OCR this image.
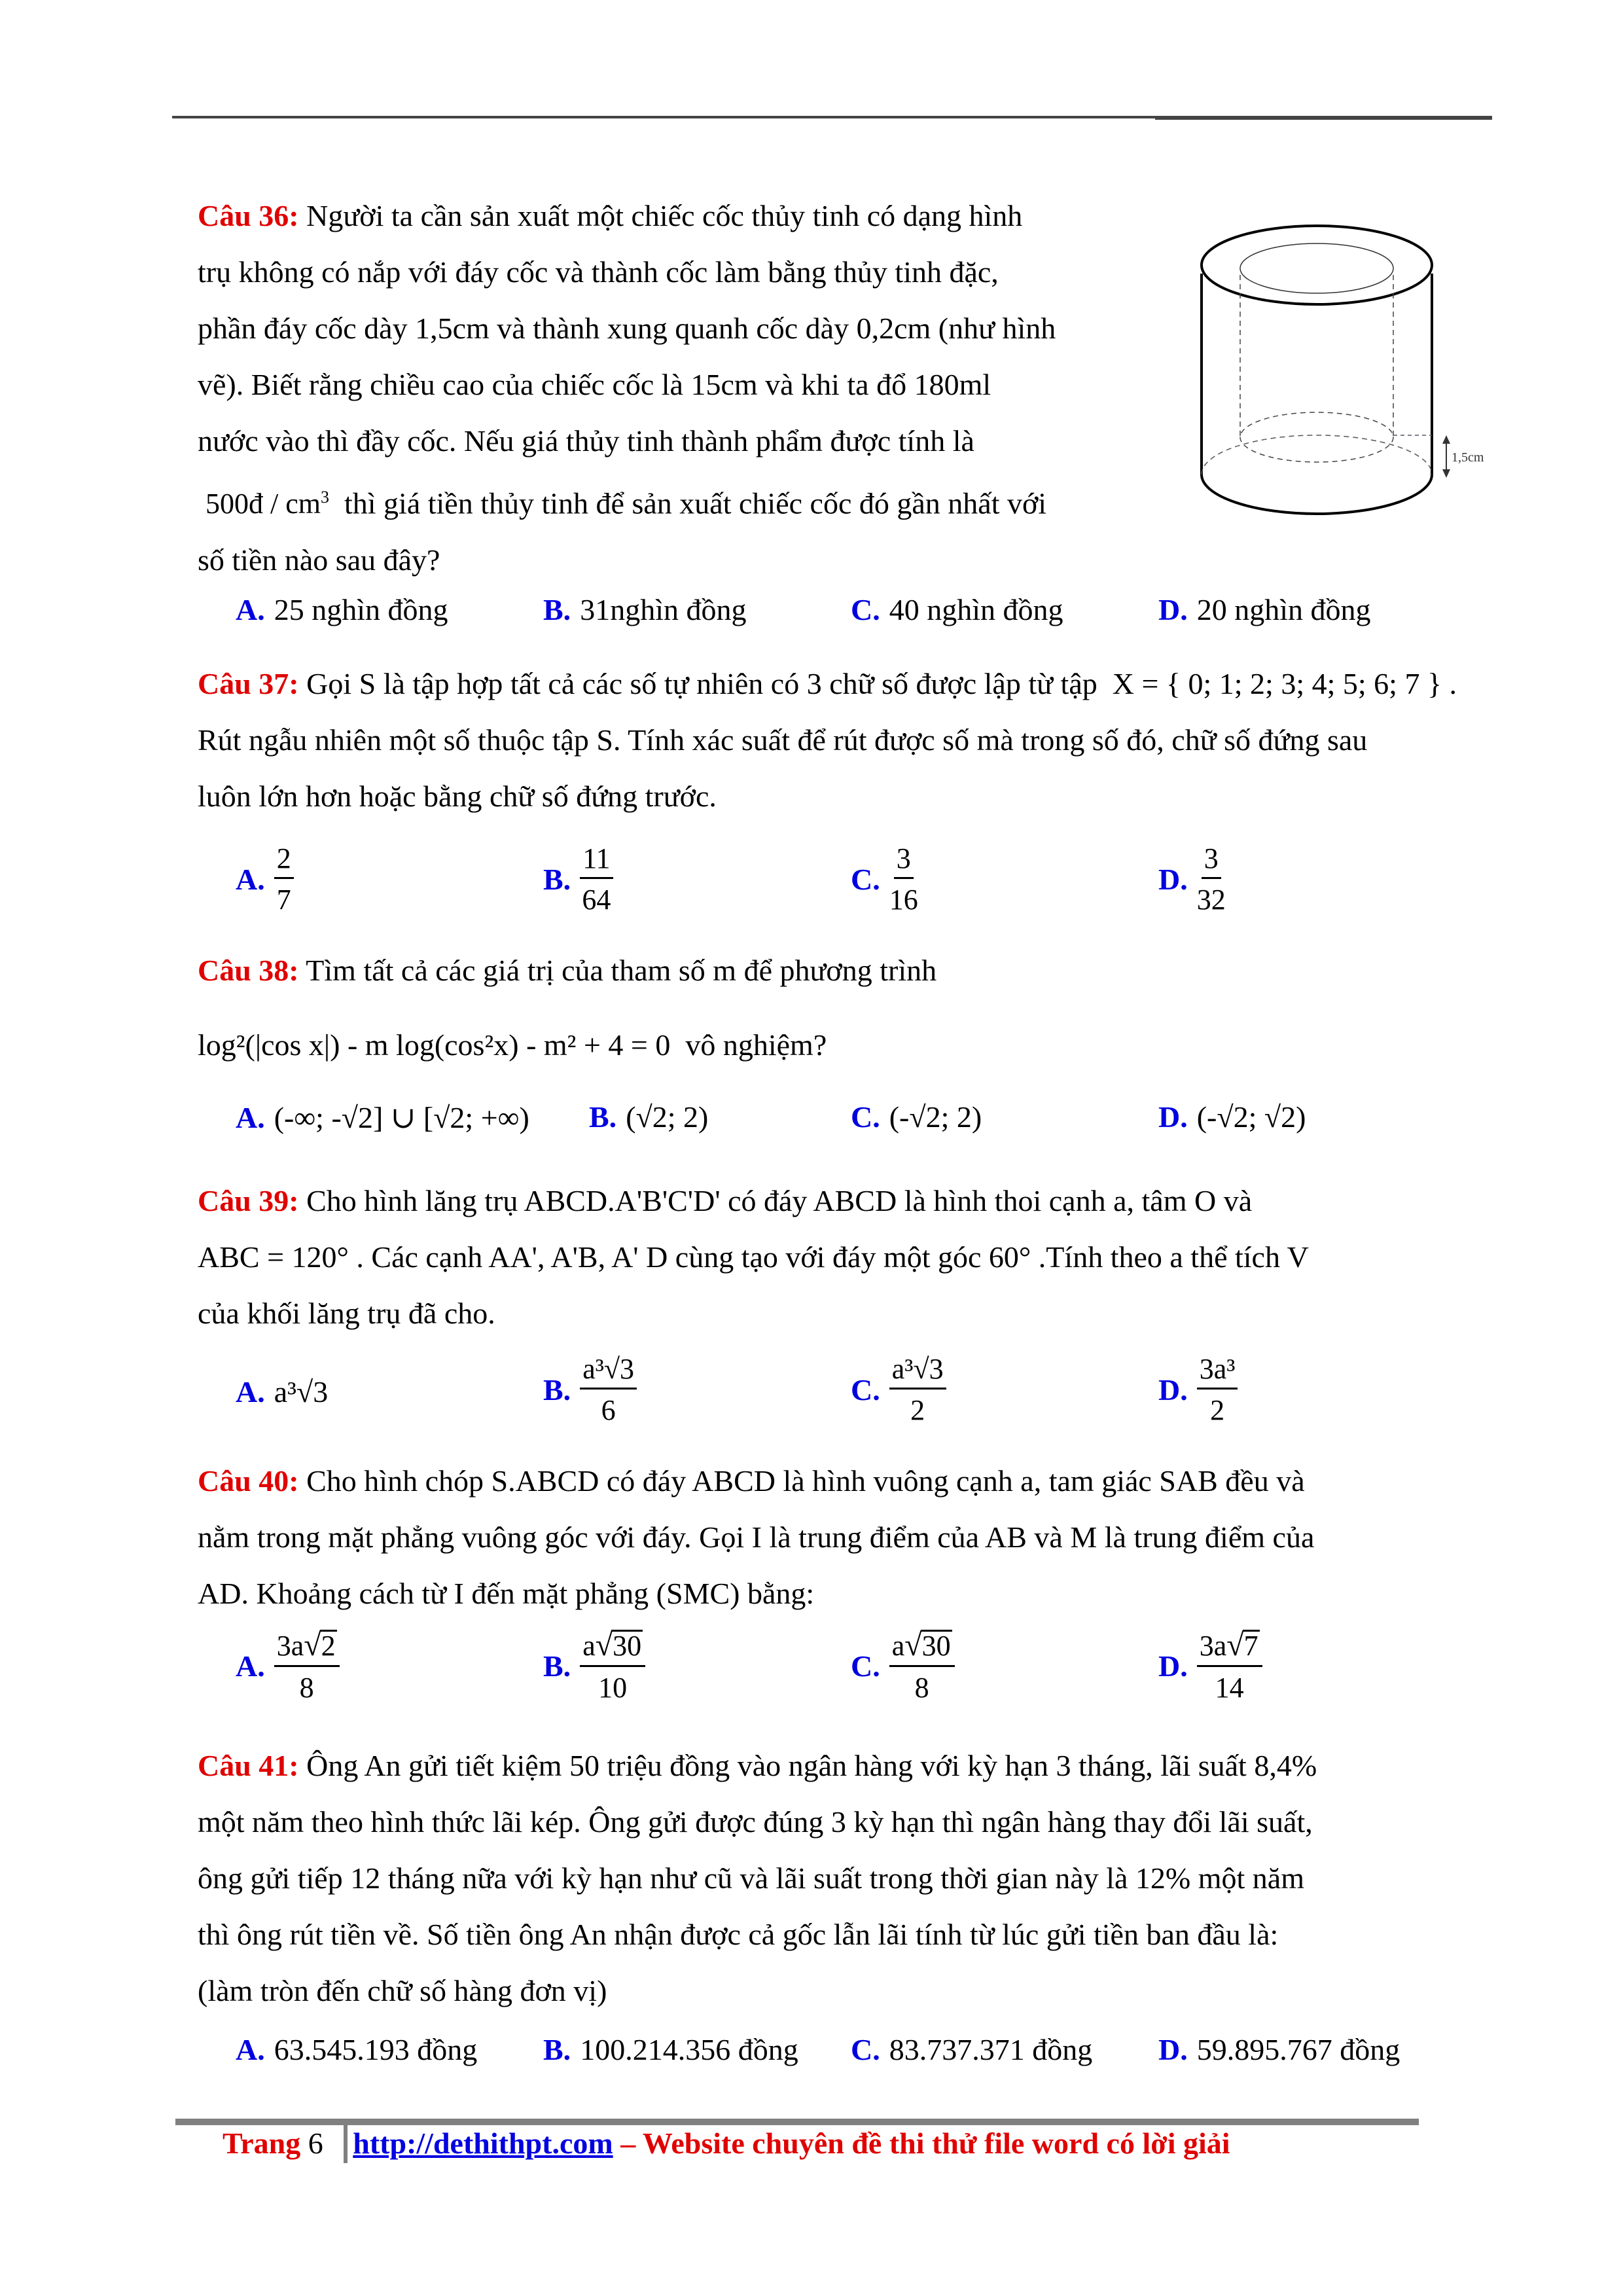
Câu 36: Người ta cần sản xuất một chiếc cốc thủy tinh có dạng hình
trụ không có nắp với đáy cốc và thành cốc làm bằng thủy tinh đặc,
phần đáy cốc dày 1,5cm và thành xung quanh cốc dày 0,2cm (như hình
vẽ). Biết rằng chiều cao của chiếc cốc là 15cm và khi ta đổ 180ml
nước vào thì đầy cốc. Nếu giá thủy tinh thành phẩm được tính là
500đ / $cm^3$ thì giá tiền thủy tinh để sản xuất chiếc cốc đó gần nhất với
số tiền nào sau đây?
1,5cm
A. 25 nghìn đồng	B. 31nghìn đồng	C. 40 nghìn đồng	D. 20 nghìn đồng
Câu 37: Gọi S là tập hợp tất cả các số tự nhiên có 3 chữ số được lập từ tập X = { 0; 1; 2; 3; 4; 5; 6; 7 } .
Rút ngẫu nhiên một số thuộc tập S. Tính xác suất để rút được số mà trong số đó, chữ số đứng sau
luôn lớn hơn hoặc bằng chữ số đứng trước.
A. $\frac{2}{7}$	B. $\frac{11}{64}$	C. $\frac{3}{16}$	D. $\frac{3}{32}$
Câu 38: Tìm tất cả các giá trị của tham số m để phương trình
log²(|cos x|) - m log(cos²x) - m² + 4 = 0 vô nghiệm?
A. (-∞; -√2] ∪ [√2; +∞) B. (√2; 2)	C. (-√2; 2)	D. (-√2; √2)
Câu 39: Cho hình lăng trụ ABCD.A'B'C'D' có đáy ABCD là hình thoi cạnh a, tâm O và
ABC = 120° . Các cạnh AA', A'B, A' D cùng tạo với đáy một góc 60° .Tính theo a thể tích V
của khối lăng trụ đã cho.
A. a³√3	B. $\frac{\text{a³√3}}{6}$	C. $\frac{\text{a³√3}}{2}$	D. $\frac{\text{3a³}}{2}$
Câu 40: Cho hình chóp S.ABCD có đáy ABCD là hình vuông cạnh a, tam giác SAB đều và
nằm trong mặt phẳng vuông góc với đáy. Gọi I là trung điểm của AB và M là trung điểm của
AD. Khoảng cách từ I đến mặt phẳng (SMC) bằng:
A. $\frac{3a√2}{8}$	B. $\frac{a√30}{10}$	C. $\frac{a√30}{8}$	D. $\frac{3a√7}{14}$
Câu 41: Ông An gửi tiết kiệm 50 triệu đồng vào ngân hàng với kỳ hạn 3 tháng, lãi suất 8,4%
một năm theo hình thức lãi kép. Ông gửi được đúng 3 kỳ hạn thì ngân hàng thay đổi lãi suất,
ông gửi tiếp 12 tháng nữa với kỳ hạn như cũ và lãi suất trong thời gian này là 12% một năm
thì ông rút tiền về. Số tiền ông An nhận được cả gốc lẫn lãi tính từ lúc gửi tiền ban đầu là:
(làm tròn đến chữ số hàng đơn vị)
A. 63.545.193 đồng B. 100.214.356 đồng C. 83.737.371 đồng D. 59.895.767 đồng
Trang 6 http://dethithpt.com – Website chuyên đề thi thử file word có lời giải
